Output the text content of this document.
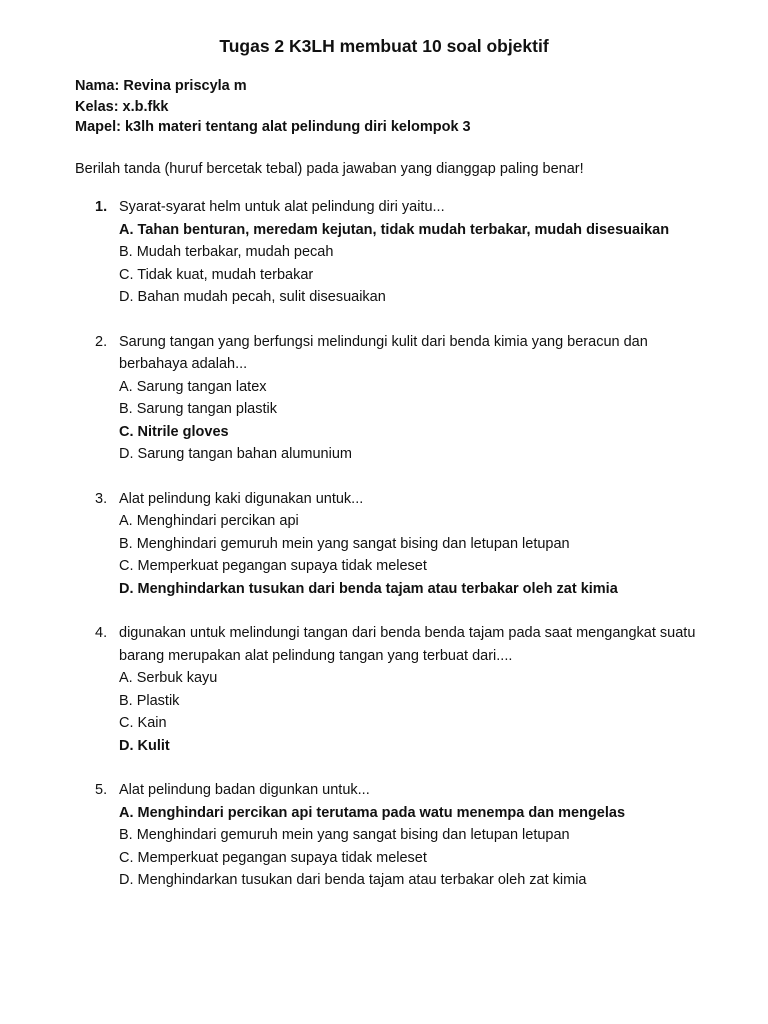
Tugas 2 K3LH membuat 10 soal objektif
Nama: Revina priscyla m
Kelas: x.b.fkk
Mapel: k3lh materi tentang alat pelindung diri kelompok 3
Berilah tanda (huruf bercetak tebal) pada jawaban yang dianggap paling benar!
1. Syarat-syarat helm untuk alat pelindung diri yaitu...
A. Tahan benturan, meredam kejutan, tidak mudah terbakar, mudah disesuaikan
B. Mudah terbakar, mudah pecah
C. Tidak kuat, mudah terbakar
D. Bahan mudah pecah, sulit disesuaikan
2. Sarung tangan yang berfungsi melindungi kulit dari benda kimia yang beracun dan berbahaya adalah...
A. Sarung tangan latex
B. Sarung tangan plastik
C. Nitrile gloves
D. Sarung tangan bahan alumunium
3. Alat pelindung kaki digunakan untuk...
A. Menghindari percikan api
B. Menghindari gemuruh mein yang sangat bising dan letupan letupan
C. Memperkuat pegangan supaya tidak meleset
D. Menghindarkan tusukan dari benda tajam atau terbakar oleh zat kimia
4. digunakan untuk melindungi tangan dari benda benda tajam pada saat mengangkat suatu barang merupakan alat pelindung tangan yang terbuat dari....
A. Serbuk kayu
B. Plastik
C. Kain
D. Kulit
5. Alat pelindung badan digunkan untuk...
A. Menghindari percikan api terutama pada watu menempa dan mengelas
B. Menghindari gemuruh mein yang sangat bising dan letupan letupan
C. Memperkuat pegangan supaya tidak meleset
D. Menghindarkan tusukan dari benda tajam atau terbakar oleh zat kimia
